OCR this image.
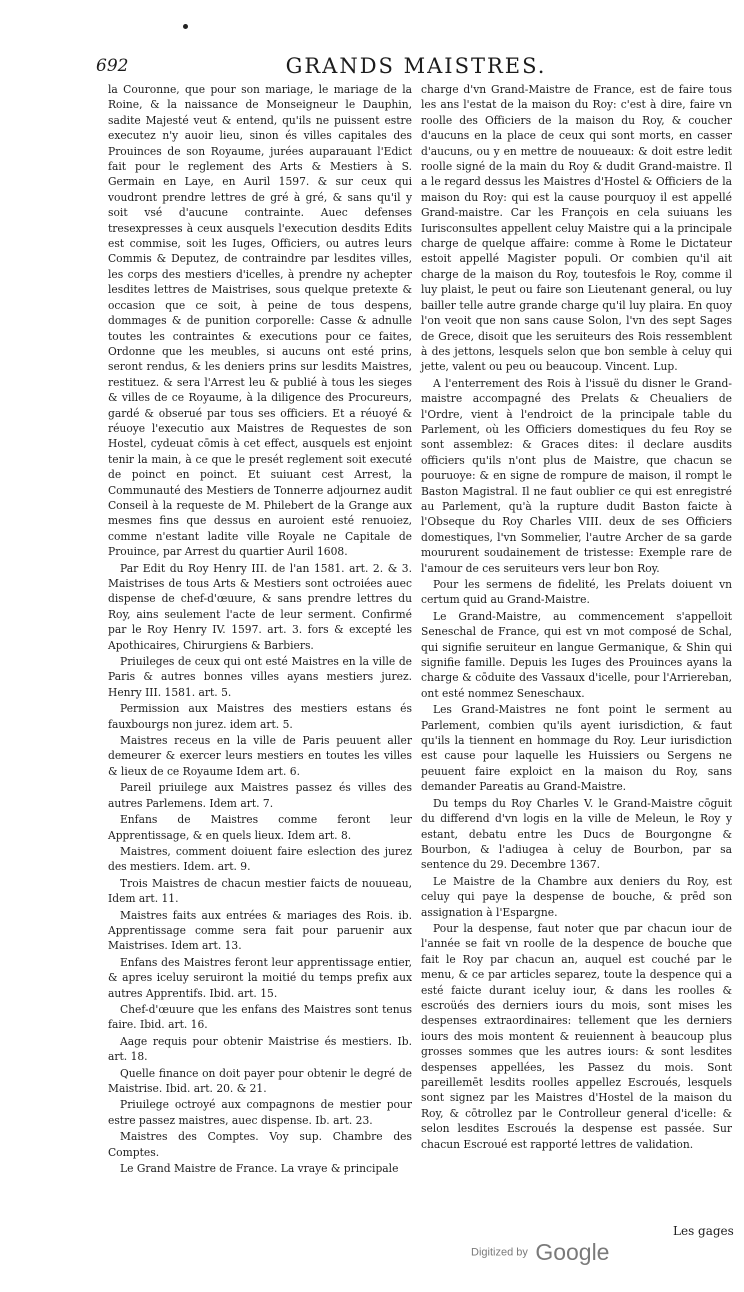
692	GRANDS MAISTRES.

la Couronne, que pour son mariage, le mariage de la Roine, & la naissance de Monseigneur le Dauphin, sadite Majesté veut & entend, qu'ils ne puissent estre executez n'y auoir lieu, sinon és villes capitales des Prouinces de son Royaume, jurées auparauant l'Edict fait pour le reglement des Arts & Mestiers à S. Germain en Laye, en Auril 1597. & sur ceux qui voudront prendre lettres de gré à gré, & sans qu'il y soit vsé d'aucune contrainte. Auec defenses tresexpresses à ceux ausquels l'execution desdits Edits est commise, soit les Iuges, Officiers, ou autres leurs Commis & Deputez, de contraindre par lesdites villes, les corps des mestiers d'icelles, à prendre ny achepter lesdites lettres de Maistrises, sous quelque pretexte & occasion que ce soit, à peine de tous despens, dommages & de punition corporelle: Casse & adnulle toutes les contraintes & executions pour ce faites, Ordonne que les meubles, si aucuns ont esté prins, seront rendus, & les deniers prins sur lesdits Maistres, restituez. & sera l'Arrest leu & publié à tous les sieges & villes de ce Royaume, à la diligence des Procureurs, gardé & obserué par tous ses officiers. Et a réuoyé & réuoye l'executio aux Maistres de Requestes de son Hostel, cydeuat cōmis à cet effect, ausquels est enjoint tenir la main, à ce que le presét reglement soit executé de poinct en poinct. Et suiuant cest Arrest, la Communauté des Mestiers de Tonnerre adjournez audit Conseil à la requeste de M. Philebert de la Grange aux mesmes fins que dessus en auroient esté renuoiez, comme n'estant ladite ville Royale ne Capitale de Prouince, par Arrest du quartier Auril 1608.

Par Edit du Roy Henry III. de l'an 1581. art. 2. & 3. Maistrises de tous Arts & Mestiers sont octroiées auec dispense de chef-d'œuure, & sans prendre lettres du Roy, ains seulement l'acte de leur serment. Confirmé par le Roy Henry IV. 1597. art. 3. fors & excepté les Apothicaires, Chirurgiens & Barbiers.

Priuileges de ceux qui ont esté Maistres en la ville de Paris & autres bonnes villes ayans mestiers jurez. Henry III. 1581. art. 5.

Permission aux Maistres des mestiers estans és fauxbourgs non jurez. idem art. 5.

Maistres receus en la ville de Paris peuuent aller demeurer & exercer leurs mestiers en toutes les villes & lieux de ce Royaume Idem art. 6.

Pareil priuilege aux Maistres passez és villes des autres Parlemens. Idem art. 7.

Enfans de Maistres comme feront leur Apprentissage, & en quels lieux. Idem art. 8.

Maistres, comment doiuent faire eslection des jurez des mestiers. Idem. art. 9.

Trois Maistres de chacun mestier faicts de nouueau, Idem art. 11.

Maistres faits aux entrées & mariages des Rois. ib. Apprentissage comme sera fait pour paruenir aux Maistrises. Idem art. 13.

Enfans des Maistres feront leur apprentissage entier, & apres iceluy seruiront la moitié du temps prefix aux autres Apprentifs. Ibid. art. 15.

Chef-d'œuure que les enfans des Maistres sont tenus faire. Ibid. art. 16.

Aage requis pour obtenir Maistrise és mestiers. Ib. art. 18.

Quelle finance on doit payer pour obtenir le degré de Maistrise. Ibid. art. 20. & 21.

Priuilege octroyé aux compagnons de mestier pour estre passez maistres, auec dispense. Ib. art. 23.

Maistres des Comptes. Voy sup. Chambre des Comptes.

Le Grand Maistre de France. La vraye & principale

charge d'vn Grand-Maistre de France, est de faire tous les ans l'estat de la maison du Roy: c'est à dire, faire vn roolle des Officiers de la maison du Roy, & coucher d'aucuns en la place de ceux qui sont morts, en casser d'aucuns, ou y en mettre de nouueaux: & doit estre ledit roolle signé de la main du Roy & dudit Grand-maistre. Il a le regard dessus les Maistres d'Hostel & Officiers de la maison du Roy: qui est la cause pourquoy il est appellé Grand-maistre. Car les François en cela suiuans les Iurisconsultes appellent celuy Maistre qui a la principale charge de quelque affaire: comme à Rome le Dictateur estoit appellé Magister populi. Or combien qu'il ait charge de la maison du Roy, toutesfois le Roy, comme il luy plaist, le peut ou faire son Lieutenant general, ou luy bailler telle autre grande charge qu'il luy plaira. En quoy l'on veoit que non sans cause Solon, l'vn des sept Sages de Grece, disoit que les seruiteurs des Rois ressemblent à des jettons, lesquels selon que bon semble à celuy qui jette, valent ou peu ou beaucoup. Vincent. Lup.

A l'enterrement des Rois à l'issuë du disner le Grand-maistre accompagné des Prelats & Cheualiers de l'Ordre, vient à l'endroict de la principale table du Parlement, où les Officiers domestiques du feu Roy se sont assemblez: & Graces dites: il declare ausdits officiers qu'ils n'ont plus de Maistre, que chacun se pouruoye: & en signe de rompure de maison, il rompt le Baston Magistral. Il ne faut oublier ce qui est enregistré au Parlement, qu'à la rupture dudit Baston faicte à l'Obseque du Roy Charles VIII. deux de ses Officiers domestiques, l'vn Sommelier, l'autre Archer de sa garde moururent soudainement de tristesse: Exemple rare de l'amour de ces seruiteurs vers leur bon Roy.

Pour les sermens de fidelité, les Prelats doiuent vn certum quid au Grand-Maistre.

Le Grand-Maistre, au commencement s'appelloit Seneschal de France, qui est vn mot composé de Schal, qui signifie seruiteur en langue Germanique, & Shin qui signifie famille. Depuis les Iuges des Prouinces ayans la charge & cōduite des Vassaux d'icelle, pour l'Arriereban, ont esté nommez Seneschaux.

Les Grand-Maistres ne font point le serment au Parlement, combien qu'ils ayent iurisdiction, & faut qu'ils la tiennent en hommage du Roy. Leur iurisdiction est cause pour laquelle les Huissiers ou Sergens ne peuuent faire exploict en la maison du Roy, sans demander Pareatis au Grand-Maistre.

Du temps du Roy Charles V. le Grand-Maistre cōguit du differend d'vn logis en la ville de Meleun, le Roy y estant, debatu entre les Ducs de Bourgongne & Bourbon, & l'adiugea à celuy de Bourbon, par sa sentence du 29. Decembre 1367.

Le Maistre de la Chambre aux deniers du Roy, est celuy qui paye la despense de bouche, & prēd son assignation à l'Espargne.

Pour la despense, faut noter que par chacun iour de l'année se fait vn roolle de la despence de bouche que fait le Roy par chacun an, auquel est couché par le menu, & ce par articles separez, toute la despence qui a esté faicte durant iceluy iour, & dans les roolles & escroüés des derniers iours du mois, sont mises les despenses extraordinaires: tellement que les derniers iours des mois montent & reuiennent à beaucoup plus grosses sommes que les autres iours: & sont lesdites despenses appellées, les Passez du mois. Sont pareillemēt lesdits roolles appellez Escroués, lesquels sont signez par les Maistres d'Hostel de la maison du Roy, & cōtrollez par le Controlleur general d'icelle: & selon lesdites Escroués la despense est passée. Sur chacun Escroué est rapporté lettres de validation.

Les gages
Digitized by Google
